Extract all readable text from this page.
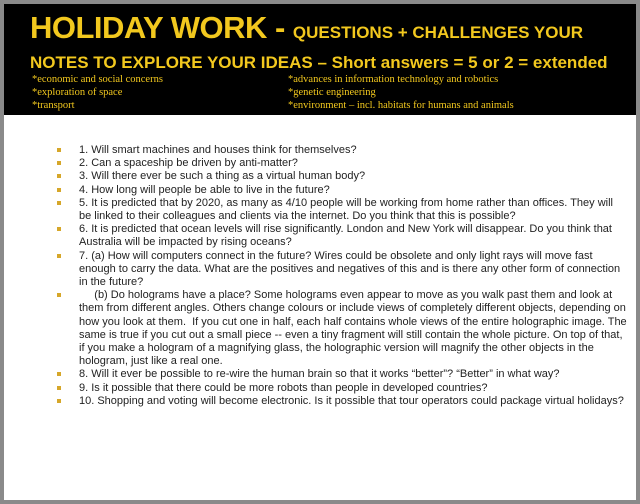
HOLIDAY WORK - QUESTIONS + CHALLENGES YOUR
NOTES TO EXPLORE YOUR IDEAS – Short answers = 5 or 2 = extended
*economic and social concerns
*exploration of space
*transport
*advances in information technology and robotics
*genetic engineering
*environment – incl. habitats for humans and animals
1. Will smart machines and houses think for themselves?
2. Can a spaceship be driven by anti-matter?
3. Will there ever be such a thing as a virtual human body?
4. How long will people be able to live in the future?
5. It is predicted that by 2020, as many as 4/10 people will be working from home rather than offices. They will be linked to their colleagues and clients via the internet. Do you think that this is possible?
6. It is predicted that ocean levels will rise significantly. London and New York will disappear. Do you think that Australia will be impacted by rising oceans?
7. (a) How will computers connect in the future? Wires could be obsolete and only light rays will move fast enough to carry the data. What are the positives and negatives of this and is there any other form of connection in the future?
(b) Do holograms have a place? Some holograms even appear to move as you walk past them and look at them from different angles. Others change colours or include views of completely different objects, depending on how you look at them.  If you cut one in half, each half contains whole views of the entire holographic image. The same is true if you cut out a small piece -- even a tiny fragment will still contain the whole picture. On top of that, if you make a hologram of a magnifying glass, the holographic version will magnify the other objects in the hologram, just like a real one.
8. Will it ever be possible to re-wire the human brain so that it works “better”? “Better” in what way?
9. Is it possible that there could be more robots than people in developed countries?
10. Shopping and voting will become electronic. Is it possible that tour operators could package virtual holidays?
